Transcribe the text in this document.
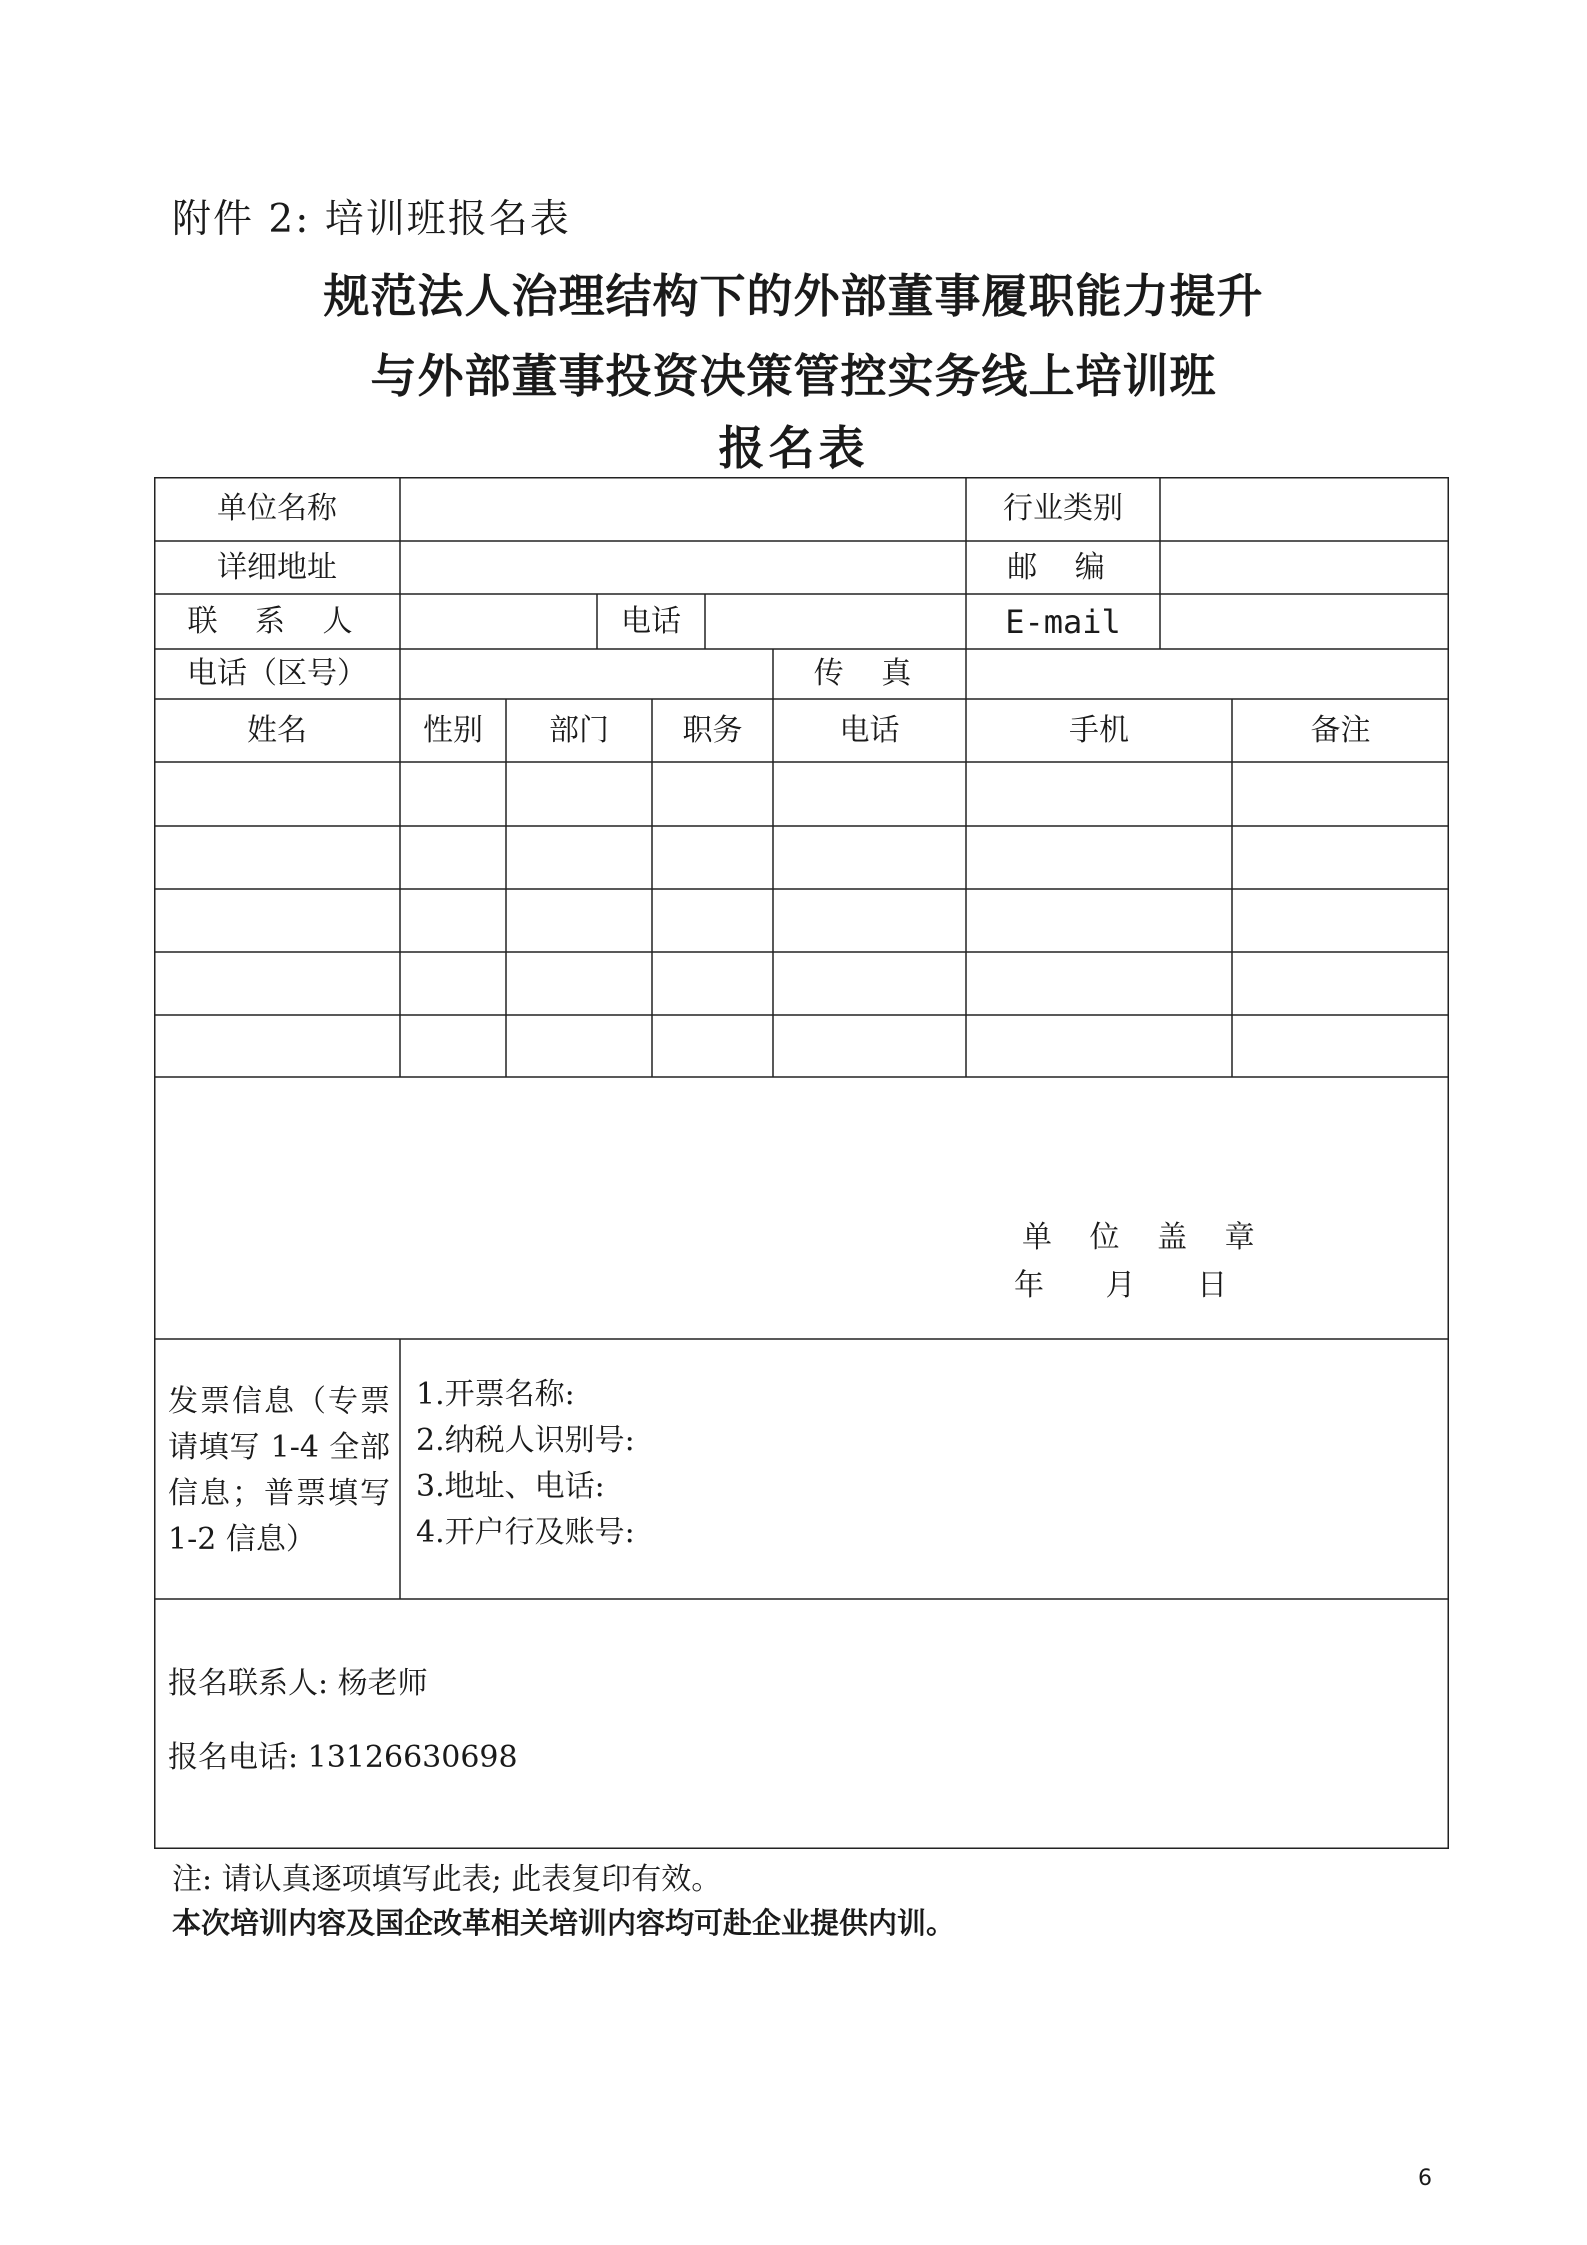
附件 2: 培训班报名表
规范法人治理结构下的外部董事履职能力提升
与外部董事投资决策管控实务线上培训班
报名表
单位名称	行业类别
详细地址	邮 编
联 系 人	电话	E-mail
电话（区号）	传 真
姓名	性别	部门	职务	电话	手机	备注
单 位 盖 章
年 月 日
发票信息（专票请填写 1-4 全部信息；普票填写 1-2 信息）
1.开票名称:
2.纳税人识别号:
3.地址、电话:
4.开户行及账号:
报名联系人: 杨老师
报名电话: 13126630698
注: 请认真逐项填写此表; 此表复印有效。
本次培训内容及国企改革相关培训内容均可赴企业提供内训。
6
